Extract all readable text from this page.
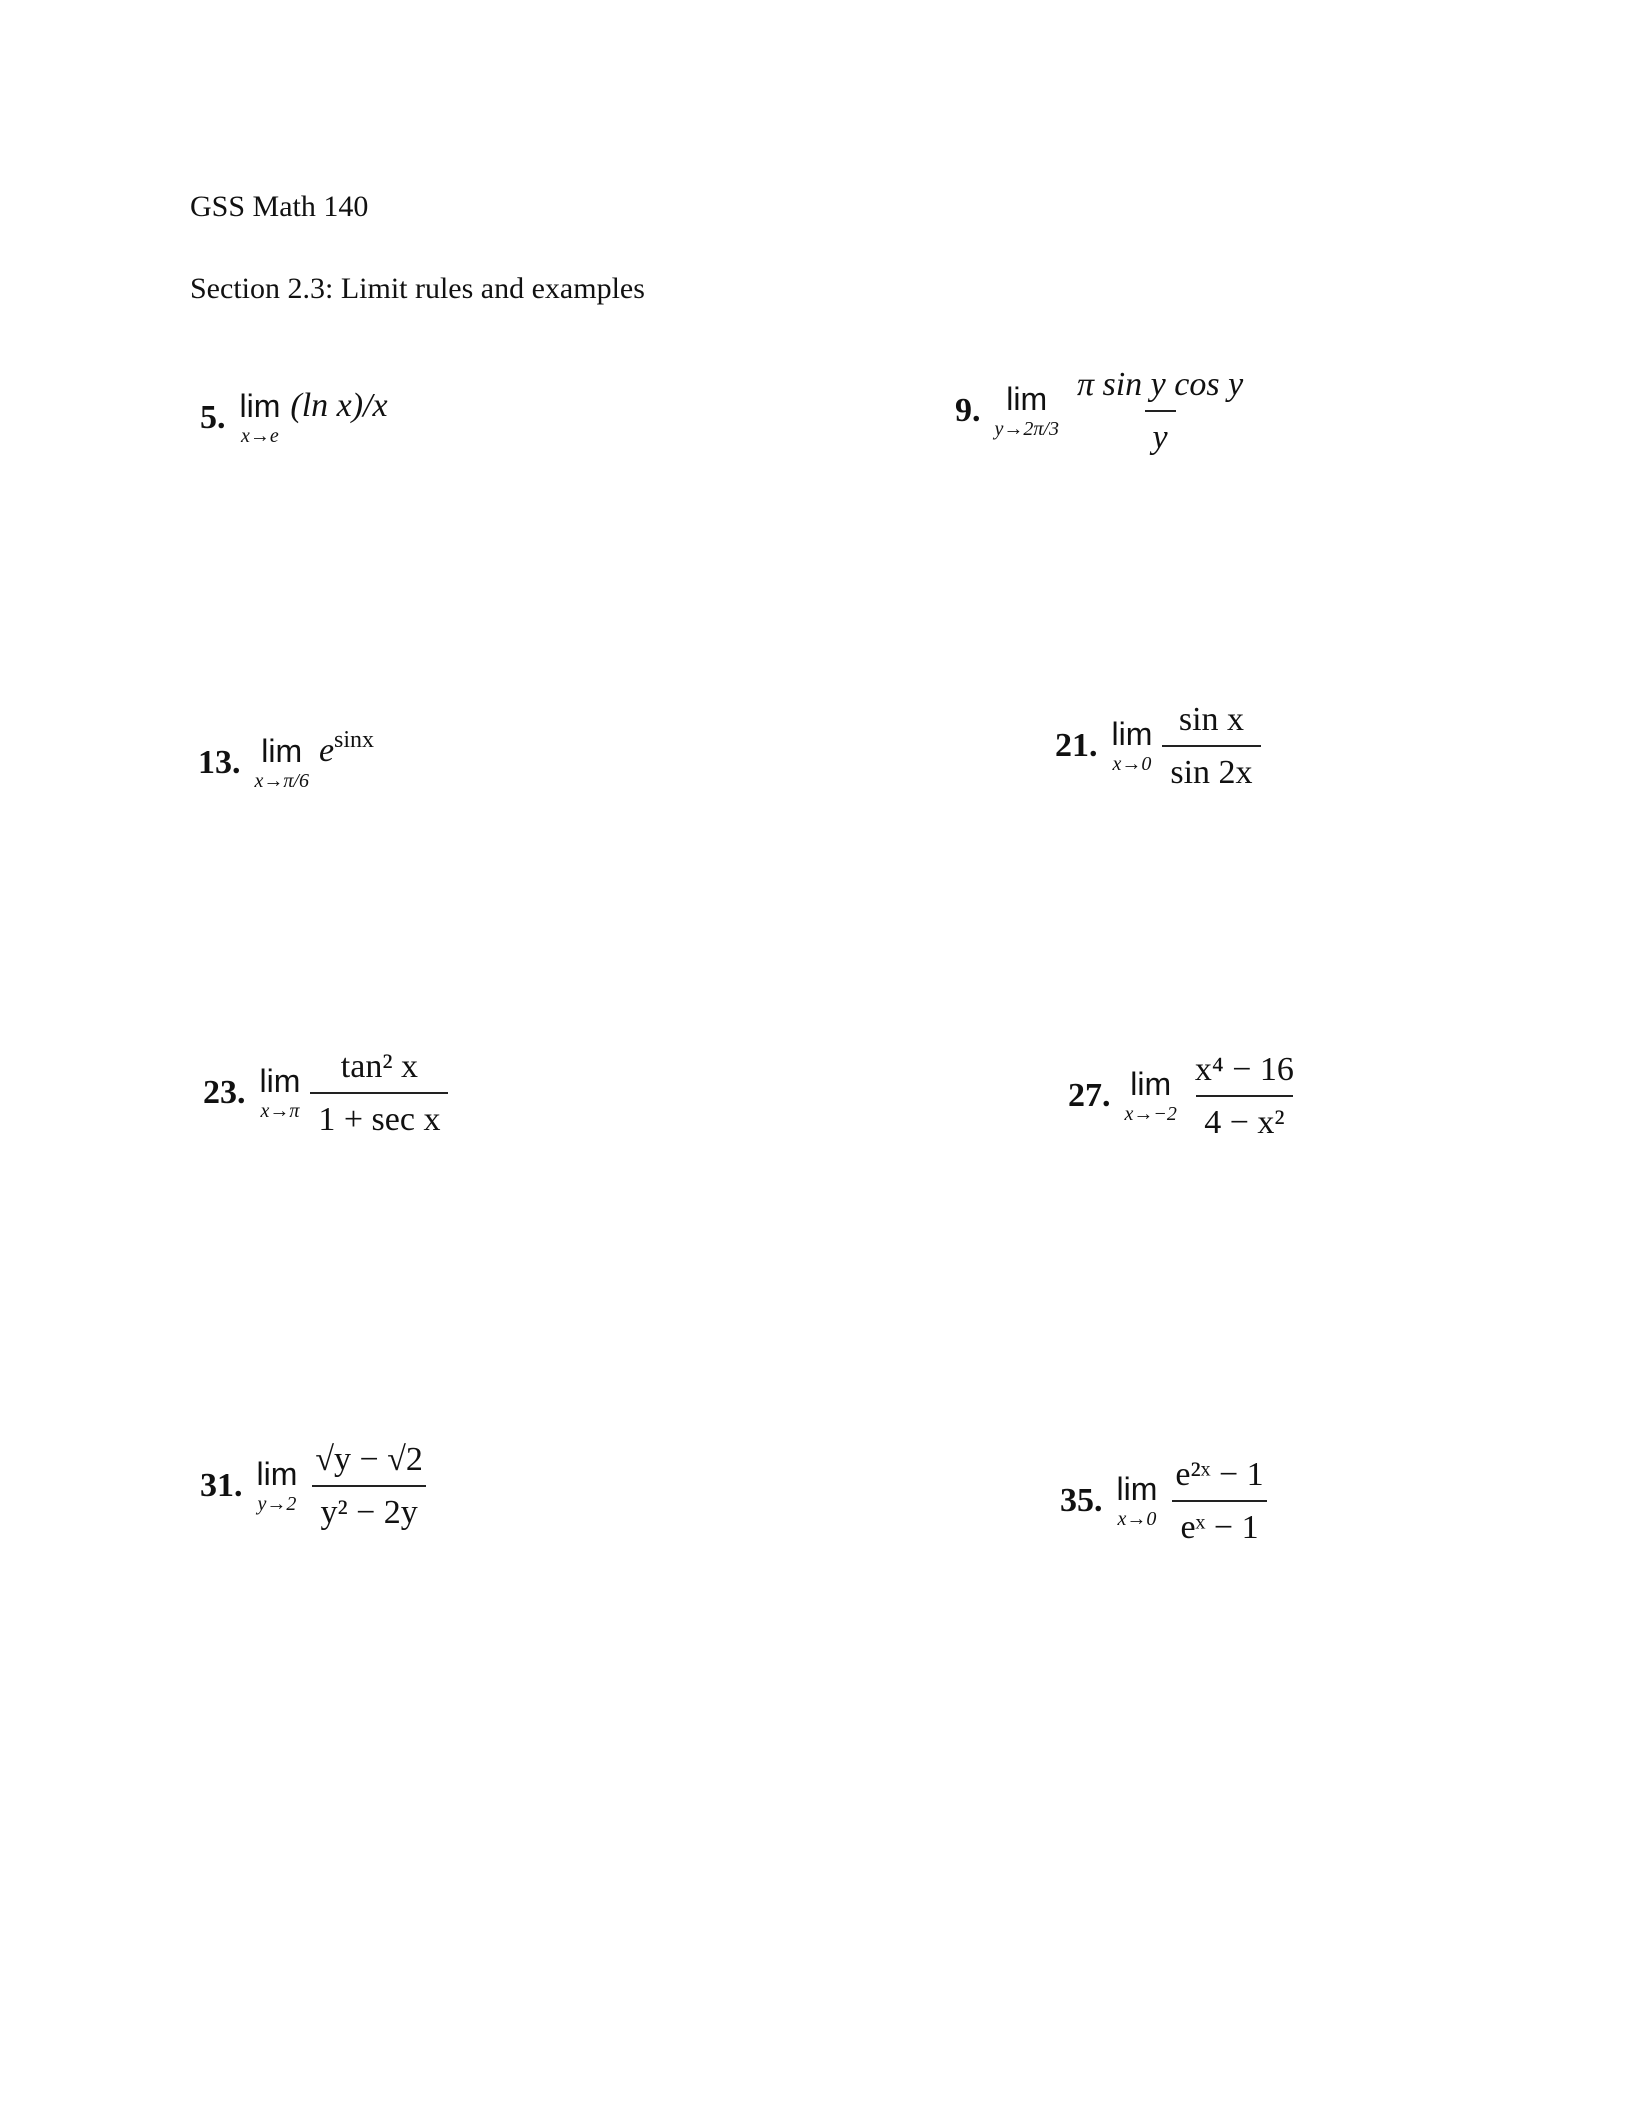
GSS Math 140
Section 2.3: Limit rules and examples
5. lim
x→e
(ln x)/x	9. lim
$y\to 2\pi/3 \frac{\text{π sin y cos y}}{y}$
13. lim
x→π/6
$e^{sinx}$	21. lim
$x\to 0 \frac{\text{sin x}}{\sin 2x}$
23. lim
$x\to\pi \frac{\text{tan² x}}{\text{1 + sec x}}$	27. lim
$x\to-2 \frac{\text{x⁴ − 16}}{\text{4 − x²}}$
31. lim
$y\to 2 \frac{√y - √2}{\text{y² − 2y}}$	35. lim
$x\to 0 \frac{\text{e²ˣ − 1}}{\text{eˣ − 1}}$
